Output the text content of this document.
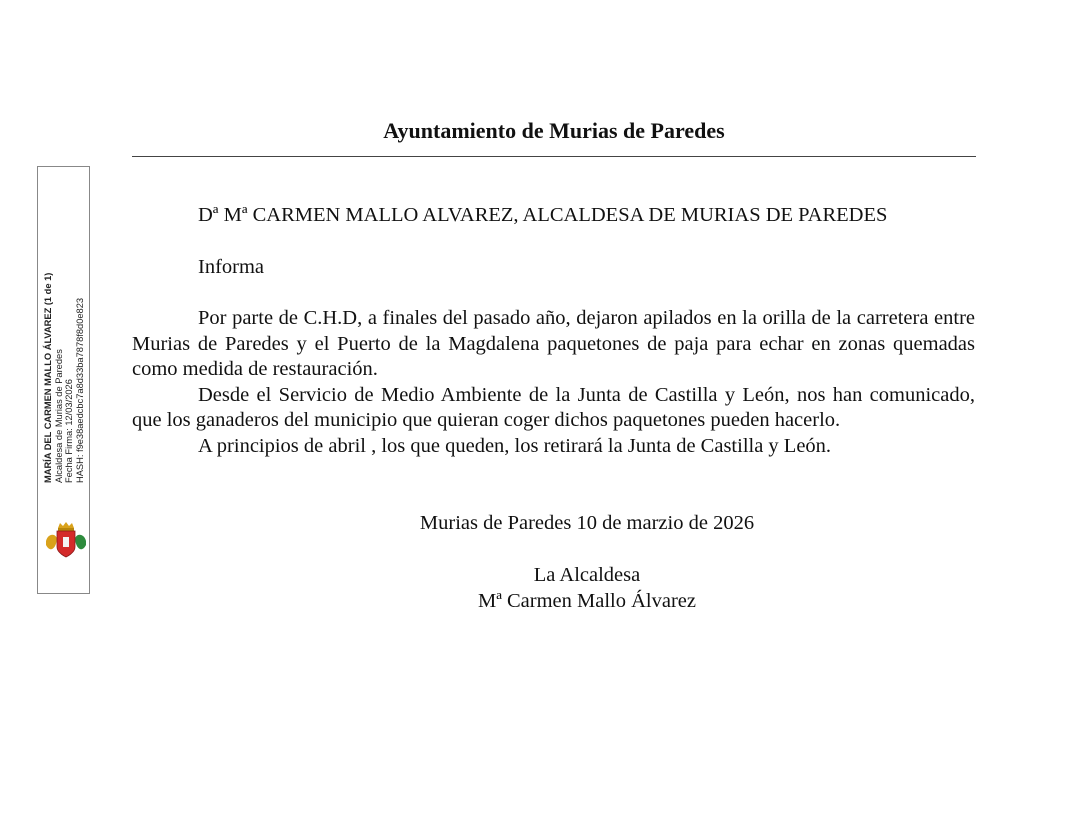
Ayuntamiento de Murias de Paredes
MARÍA DEL CARMEN MALLO ÁLVAREZ (1 de 1) Alcaldesa de Murias de Paredes Fecha Firma: 12/03/2026 HASH: f9e38aedcbc7a8d33ba7878f8d0e823
Dª Mª CARMEN MALLO ALVAREZ, ALCALDESA DE MURIAS DE PAREDES
Informa

Por parte de C.H.D, a finales del pasado año, dejaron apilados en la orilla de la carretera entre Murias de Paredes y el Puerto de la Magdalena paquetones de paja para echar en zonas quemadas como medida de restauración.

Desde el Servicio de Medio Ambiente de la Junta de Castilla y León, nos han comunicado, que los ganaderos del municipio que quieran coger dichos paquetones pueden hacerlo.

A principios de abril , los que queden, los retirará la Junta de Castilla y León.

Murias de Paredes 10 de marzio de 2026
La Alcaldesa
Mª Carmen Mallo Álvarez
